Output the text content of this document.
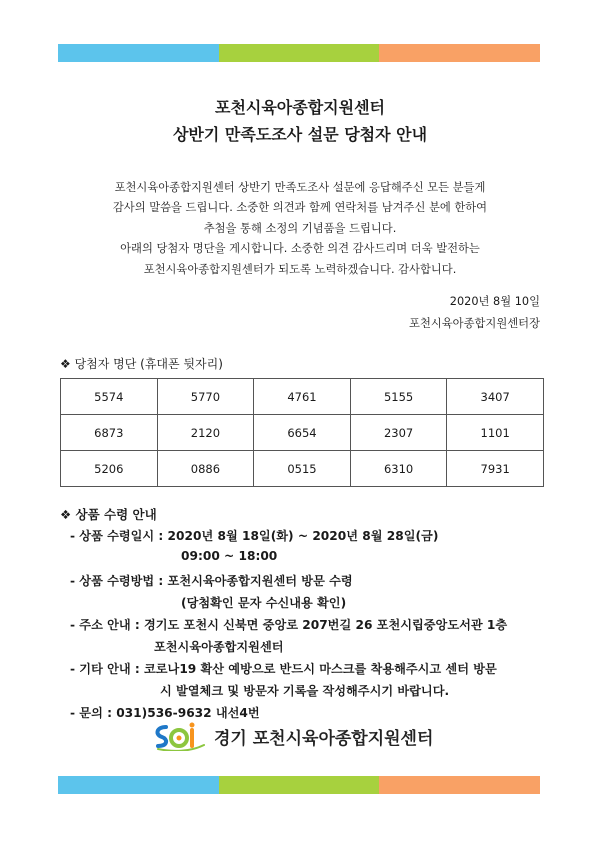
포천시육아종합지원센터
상반기 만족도조사 설문 당첨자 안내
포천시육아종합지원센터 상반기 만족도조사 설문에 응답해주신 모든 분들게
감사의 말씀을 드립니다. 소중한 의견과 함께 연락처를 남겨주신 분에 한하여
추첨을 통해 소정의 기념품을 드립니다.
아래의 당첨자 명단을 게시합니다. 소중한 의견 감사드리며 더욱 발전하는
포천시육아종합지원센터가 되도록 노력하겠습니다. 감사합니다.
2020년 8월 10일
포천시육아종합지원센터장
❖ 당첨자 명단 (휴대폰 뒷자리)
5574	5770	4761	5155	3407
6873	2120	6654	2307	1101
5206	0886	0515	6310	7931
❖ 상품 수령 안내
- 상품 수령일시 : 2020년 8월 18일(화) ~ 2020년 8월 28일(금)
09:00 ~ 18:00
- 상품 수령방법 : 포천시육아종합지원센터 방문 수령
(당첨확인 문자 수신내용 확인)
- 주소 안내 : 경기도 포천시 신북면 중앙로 207번길 26 포천시립중앙도서관 1층
포천시육아종합지원센터
- 기타 안내 : 코로나19 확산 예방으로 반드시 마스크를 착용해주시고 센터 방문
시 발열체크 및 방문자 기록을 작성해주시기 바랍니다.
- 문의 : 031)536-9632 내선4번
경기 포천시육아종합지원센터
